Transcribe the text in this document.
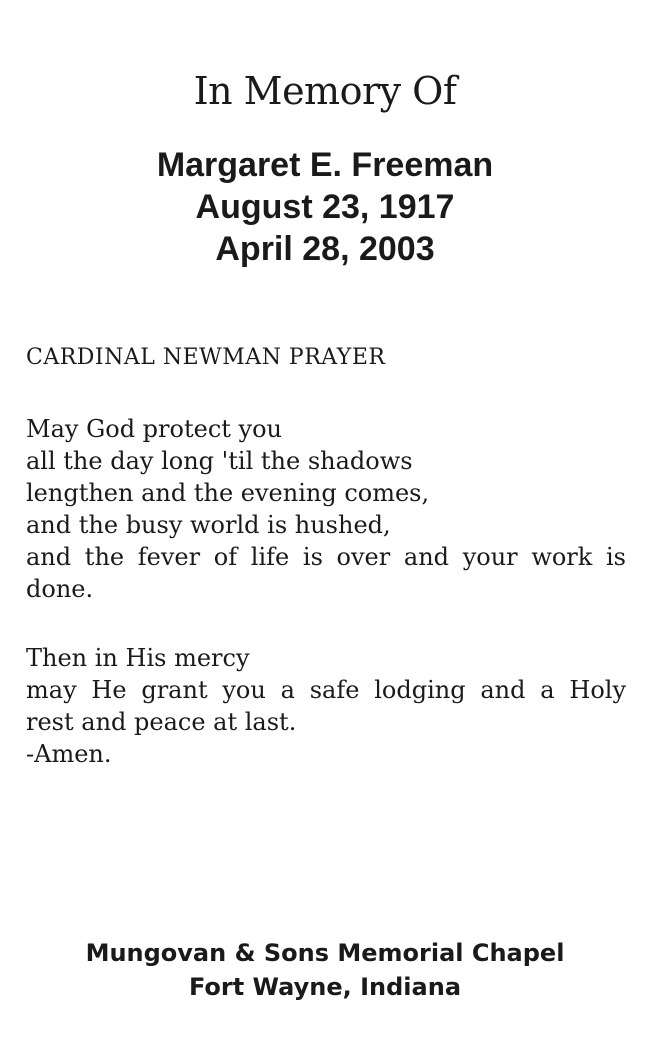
In Memory Of
Margaret E. Freeman
August 23, 1917
April 28, 2003
CARDINAL NEWMAN PRAYER
May God protect you
all the day long 'til the shadows
lengthen and the evening comes,
and the busy world is hushed,
and the fever of life is over and your work is
done.
Then in His mercy
may He grant you a safe lodging and a Holy
rest and peace at last.
-Amen.
Mungovan & Sons Memorial Chapel
Fort Wayne, Indiana
